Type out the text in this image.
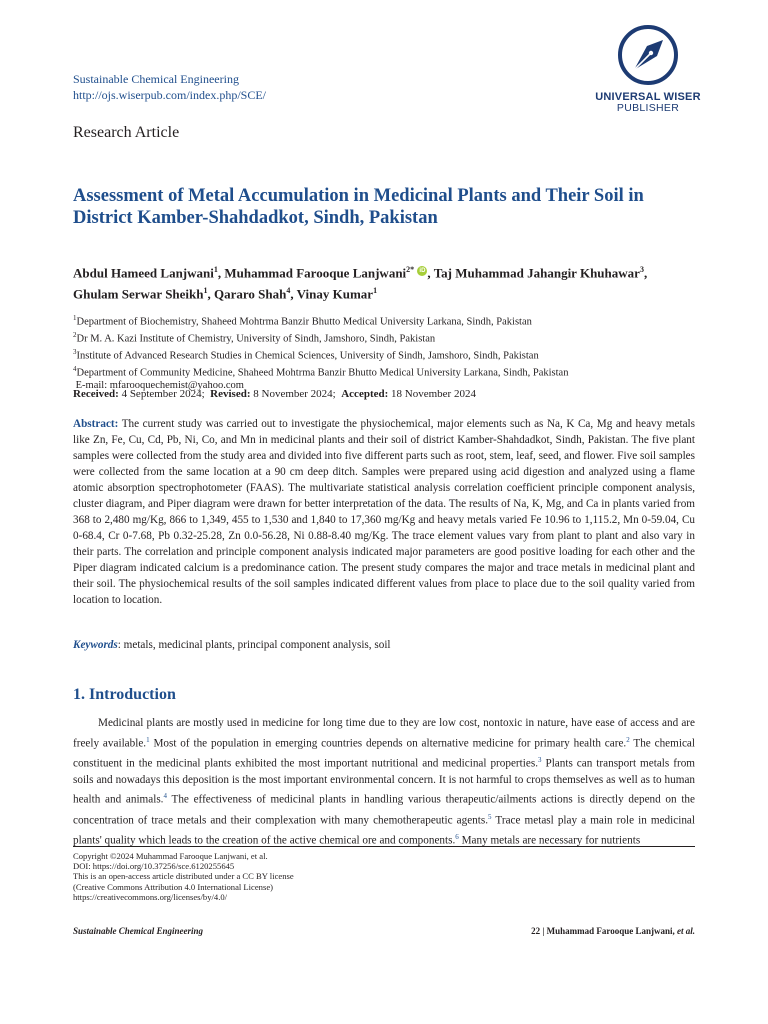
Sustainable Chemical Engineering
http://ojs.wiserpub.com/index.php/SCE/	UNIVERSAL WISER
PUBLISHER
Research Article
Assessment of Metal Accumulation in Medicinal Plants and Their Soil in District Kamber-Shahdadkot, Sindh, Pakistan
Abdul Hameed Lanjwani$^1$, Muhammad Farooque Lanjwani$^{2*}$ iD , Taj Muhammad Jahangir Khuhawar$^3$,
Ghulam Serwar Sheikh$^1$, Qararo Shah$^4$, Vinay Kumar$^1$
$^1$Department of Biochemistry, Shaheed Mohtrma Banzir Bhutto Medical University Larkana, Sindh, Pakistan
$^2$Dr M. A. Kazi Institute of Chemistry, University of Sindh, Jamshoro, Sindh, Pakistan
$^3$Institute of Advanced Research Studies in Chemical Sciences, University of Sindh, Jamshoro, Sindh, Pakistan
$^4$Department of Community Medicine, Shaheed Mohtrma Banzir Bhutto Medical University Larkana, Sindh, Pakistan
E-mail: mfarooquechemist@yahoo.com
Received: 4 September 2024; Revised: 8 November 2024; Accepted: 18 November 2024
Abstract: The current study was carried out to investigate the physiochemical, major elements such as Na, K Ca, Mg and heavy metals like Zn, Fe, Cu, Cd, Pb, Ni, Co, and Mn in medicinal plants and their soil of district Kamber-Shahdadkot, Sindh, Pakistan. The five plant samples were collected from the study area and divided into five different parts such as root, stem, leaf, seed, and flower. Five soil samples were collected from the same location at a 90 cm deep ditch. Samples were prepared using acid digestion and analyzed using a flame atomic absorption spectrophotometer (FAAS). The multivariate statistical analysis correlation coefficient principle component analysis, cluster diagram, and Piper diagram were drawn for better interpretation of the data. The results of Na, K, Mg, and Ca in plants varied from 368 to 2,480 mg/Kg, 866 to 1,349, 455 to 1,530 and 1,840 to 17,360 mg/Kg and heavy metals varied Fe 10.96 to 1,115.2, Mn 0-59.04, Cu 0-68.4, Cr 0-7.68, Pb 0.32-25.28, Zn 0.0-56.28, Ni 0.88-8.40 mg/Kg. The trace element values vary from plant to plant and also vary in their parts. The correlation and principle component analysis indicated major parameters are good positive loading for each other and the Piper diagram indicated calcium is a predominance cation. The present study compares the major and trace metals in medicinal plant and their soil. The physiochemical results of the soil samples indicated different values from place to place due to the soil quality varied from location to location.
Keywords: metals, medicinal plants, principal component analysis, soil
1. Introduction
Medicinal plants are mostly used in medicine for long time due to they are low cost, nontoxic in nature, have ease of access and are freely available.$^1$ Most of the population in emerging countries depends on alternative medicine for primary health care.$^2$ The chemical constituent in the medicinal plants exhibited the most important nutritional and medicinal properties.$^3$ Plants can transport metals from soils and nowadays this deposition is the most important environmental concern. It is not harmful to crops themselves as well as to human health and animals.$^4$ The effectiveness of medicinal plants in handling various therapeutic/ailments actions is directly depend on the concentration of trace metals and their complexation with many chemotherapeutic agents.$^5$ Trace metasl play a main role in medicinal plants' quality which leads to the creation of the active chemical ore and components.$^6$ Many metals are necessary for nutrients
Copyright ©2024 Muhammad Farooque Lanjwani, et al.
DOI: https://doi.org/10.37256/sce.6120255645
This is an open-access article distributed under a CC BY license
(Creative Commons Attribution 4.0 International License)
https://creativecommons.org/licenses/by/4.0/
Sustainable Chemical Engineering	22 | Muhammad Farooque Lanjwani, et al.
